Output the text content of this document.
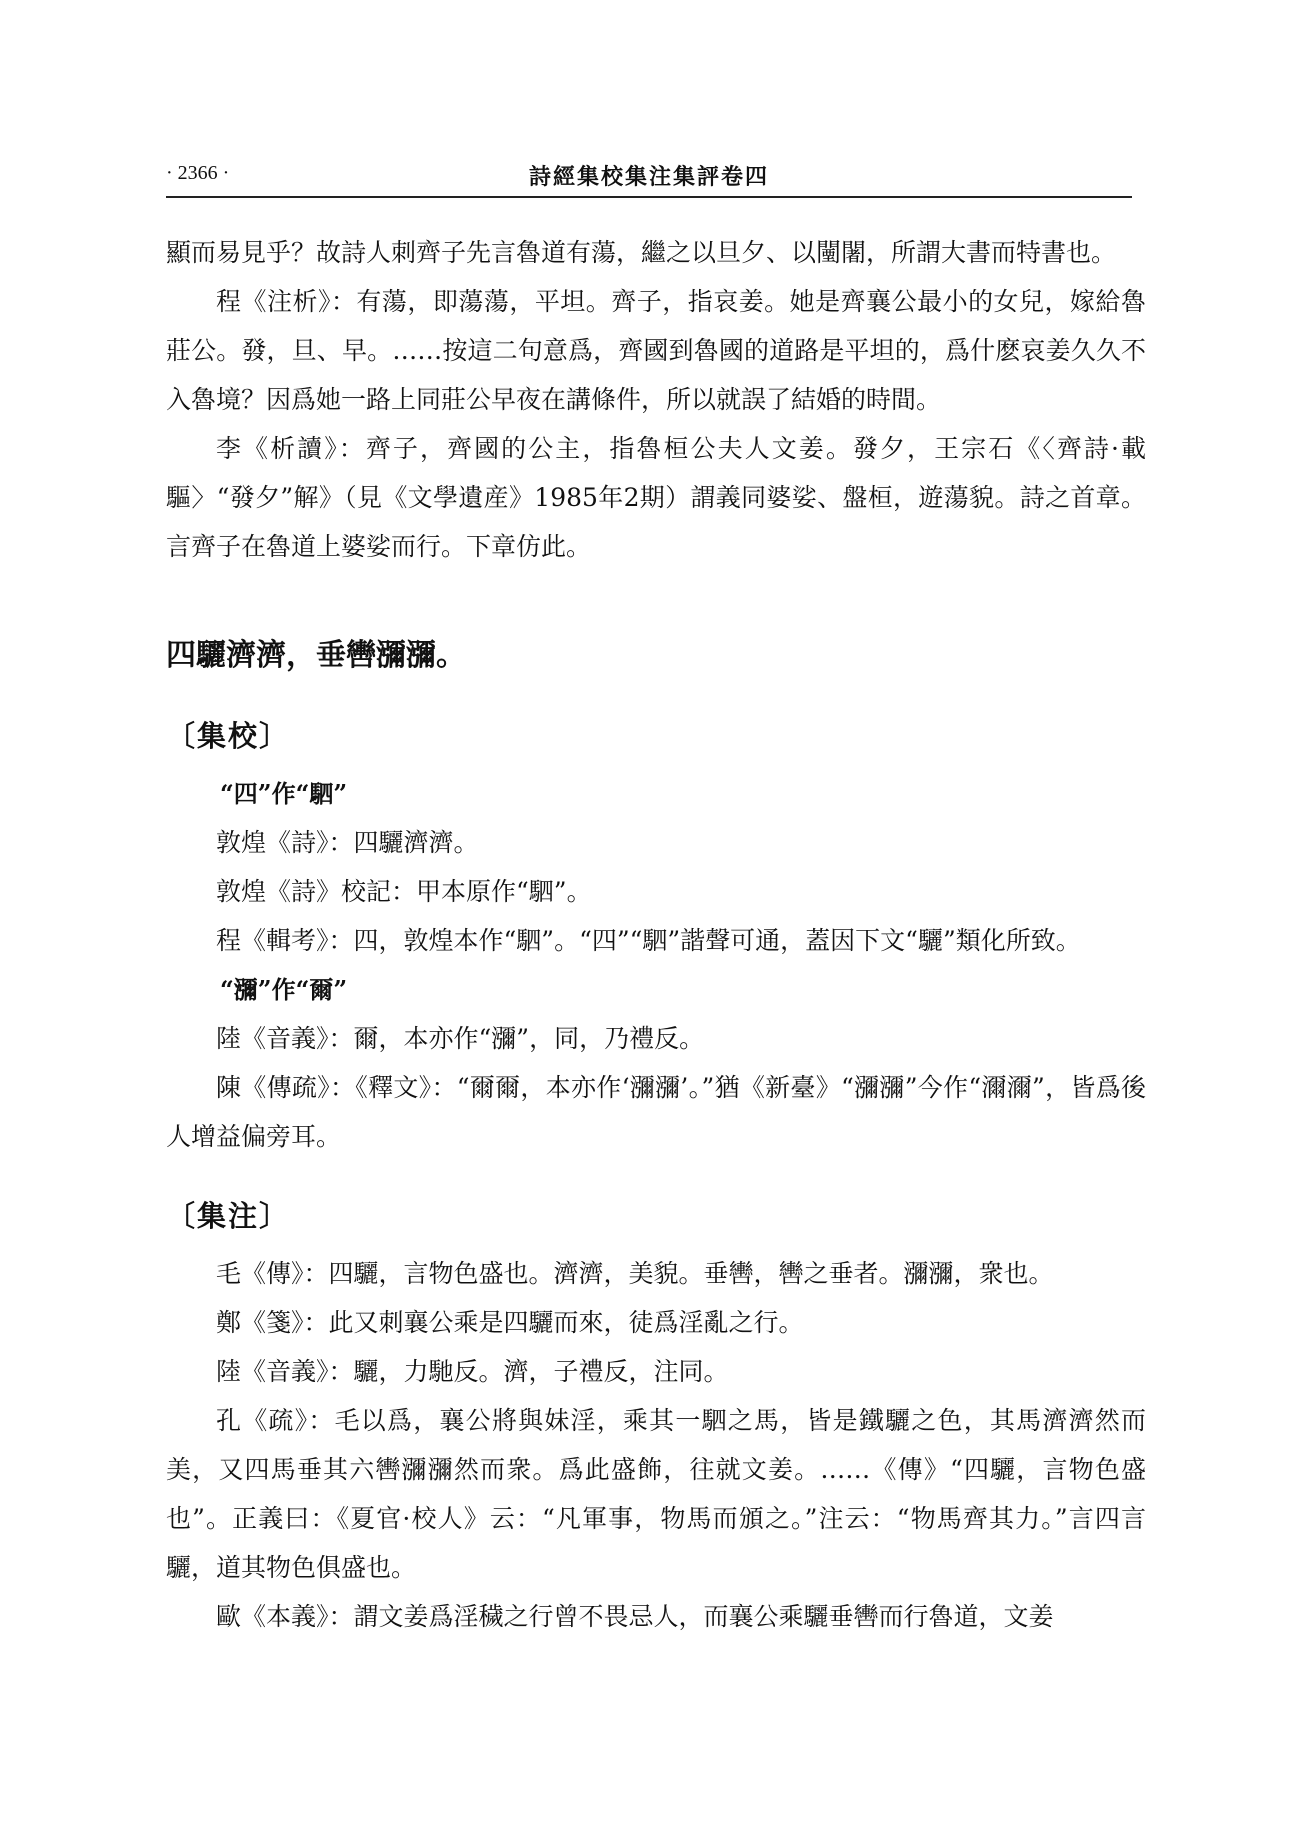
· 2366 ·	詩經集校集注集評卷四

顯而易見乎？故詩人刺齊子先言魯道有蕩，繼之以旦夕、以闉闍，所謂大書而特書也。

程《注析》：有蕩，即蕩蕩，平坦。齊子，指哀姜。她是齊襄公最小的女兒，嫁給魯莊公。發，旦、早。……按這二句意爲，齊國到魯國的道路是平坦的，爲什麽哀姜久久不入魯境？因爲她一路上同莊公早夜在講條件，所以就誤了結婚的時間。

李《析讀》：齊子，齊國的公主，指魯桓公夫人文姜。發夕，王宗石《〈齊詩·載驅〉“發夕”解》（見《文學遺産》1985年2期）謂義同婆娑、盤桓，遊蕩貌。詩之首章。言齊子在魯道上婆娑而行。下章仿此。

四驪濟濟，垂轡瀰瀰。
〔集校〕

“四”作“駟”

敦煌《詩》：四驪濟濟。

敦煌《詩》校記：甲本原作“駟”。

程《輯考》：四，敦煌本作“駟”。“四”“駟”諧聲可通，蓋因下文“驪”類化所致。

“瀰”作“爾”

陸《音義》：爾，本亦作“瀰”，同，乃禮反。

陳《傳疏》：《釋文》：“爾爾，本亦作‘瀰瀰’。”猶《新臺》“瀰瀰”今作“濔濔”，皆爲後人增益偏旁耳。

〔集注〕

毛《傳》：四驪，言物色盛也。濟濟，美貌。垂轡，轡之垂者。瀰瀰，衆也。

鄭《箋》：此又刺襄公乘是四驪而來，徒爲淫亂之行。

陸《音義》：驪，力馳反。濟，子禮反，注同。

孔《疏》：毛以爲，襄公將與妹淫，乘其一駟之馬，皆是鐵驪之色，其馬濟濟然而美，又四馬垂其六轡瀰瀰然而衆。爲此盛飾，往就文姜。……《傳》“四驪，言物色盛也”。正義曰：《夏官·校人》云：“凡軍事，物馬而頒之。”注云：“物馬齊其力。”言四言驪，道其物色俱盛也。

歐《本義》：謂文姜爲淫穢之行曾不畏忌人，而襄公乘驪垂轡而行魯道，文姜
